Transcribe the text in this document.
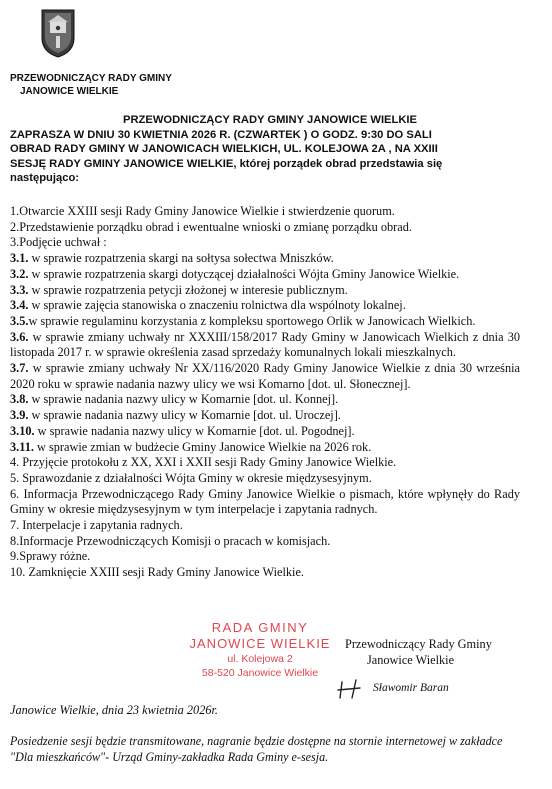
PRZEWODNICZĄCY RADY GMINY
JANOWICE WIELKIE
PRZEWODNICZĄCY RADY GMINY JANOWICE WIELKIE
ZAPRASZA W DNIU 30 KWIETNIA 2026 R. (CZWARTEK ) O GODZ. 9:30 DO SALI
OBRAD RADY GMINY W JANOWICACH WIELKICH, UL. KOLEJOWA 2A , NA XXIII
SESJĘ RADY GMINY JANOWICE WIELKIE, której porządek obrad przedstawia się
następująco:
1.Otwarcie XXIII sesji Rady Gminy Janowice Wielkie i stwierdzenie quorum.
2.Przedstawienie porządku obrad i ewentualne wnioski o zmianę porządku obrad.
3.Podjęcie uchwał :
3.1. w sprawie rozpatrzenia skargi na sołtysa sołectwa Mniszków.
3.2. w sprawie rozpatrzenia skargi dotyczącej działalności Wójta Gminy Janowice Wielkie.
3.3. w sprawie rozpatrzenia petycji złożonej w interesie publicznym.
3.4. w sprawie zajęcia stanowiska o znaczeniu rolnictwa dla wspólnoty lokalnej.
3.5.w sprawie regulaminu korzystania z kompleksu sportowego Orlik w Janowicach Wielkich.
3.6. w sprawie zmiany uchwały nr XXXIII/158/2017 Rady Gminy w Janowicach Wielkich z dnia 30 listopada 2017 r. w sprawie określenia zasad sprzedaży komunalnych lokali mieszkalnych.
3.7. w sprawie zmiany uchwały Nr XX/116/2020 Rady Gminy Janowice Wielkie z dnia 30 września 2020 roku w sprawie nadania nazwy ulicy we wsi Komarno [dot. ul. Słonecznej].
3.8. w sprawie nadania nazwy ulicy w Komarnie [dot. ul. Konnej].
3.9. w sprawie nadania nazwy ulicy w Komarnie [dot. ul. Uroczej].
3.10. w sprawie nadania nazwy ulicy w Komarnie [dot. ul. Pogodnej].
3.11. w sprawie zmian w budżecie Gminy Janowice Wielkie na 2026 rok.
4. Przyjęcie protokołu z XX, XXI i XXII sesji Rady Gminy Janowice Wielkie.
5. Sprawozdanie z działalności Wójta Gminy w okresie międzysesyjnym.
6. Informacja Przewodniczącego Rady Gminy Janowice Wielkie o pismach, które wpłynęły do Rady Gminy w okresie międzysesyjnym w tym interpelacje i zapytania radnych.
7. Interpelacje i zapytania radnych.
8.Informacje Przewodniczących Komisji o pracach w komisjach.
9.Sprawy różne.
10. Zamknięcie XXIII sesji Rady Gminy Janowice Wielkie.
RADA GMINY
JANOWICE WIELKIE
ul. Kolejowa 2
58-520 Janowice Wielkie
Przewodniczący Rady Gminy
Janowice Wielkie
Sławomir Baran
Janowice Wielkie, dnia 23 kwietnia 2026r.
Posiedzenie sesji będzie transmitowane, nagranie będzie dostępne na stornie internetowej w zakładce "Dla mieszkańców"- Urząd Gminy-zakładka Rada Gminy e-sesja.
